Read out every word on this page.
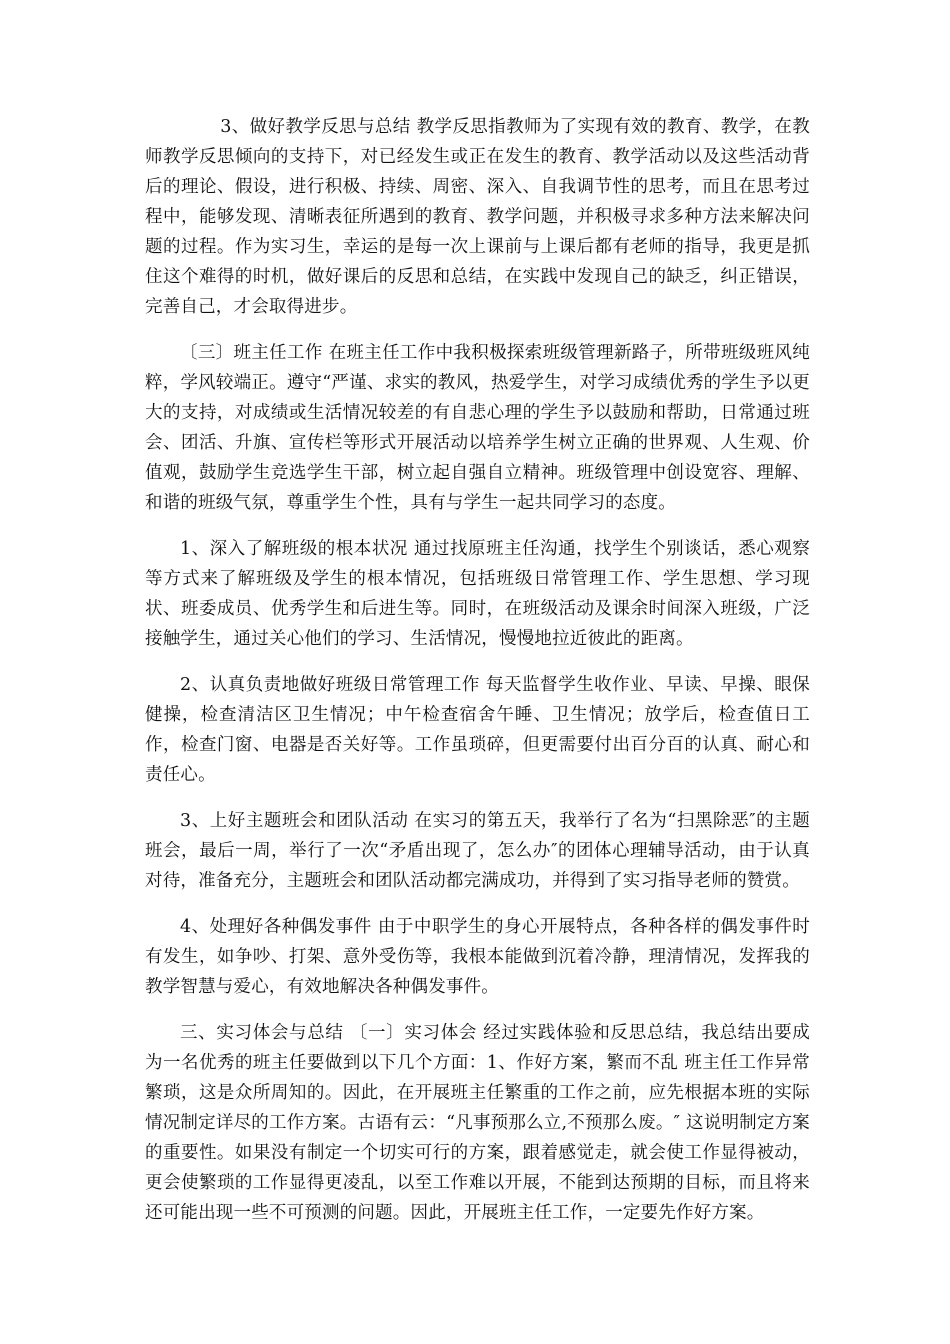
3、做好教学反思与总结 教学反思指教师为了实现有效的教育、教学，在教师教学反思倾向的支持下，对已经发生或正在发生的教育、教学活动以及这些活动背后的理论、假设，进行积极、持续、周密、深入、自我调节性的思考，而且在思考过程中，能够发现、清晰表征所遇到的教育、教学问题，并积极寻求多种方法来解决问题的过程。作为实习生，幸运的是每一次上课前与上课后都有老师的指导，我更是抓住这个难得的时机，做好课后的反思和总结，在实践中发现自己的缺乏，纠正错误，完善自己，才会取得进步。

〔三〕班主任工作 在班主任工作中我积极探索班级管理新路子，所带班级班风纯粹，学风较端正。遵守“严谨、求实的教风，热爱学生，对学习成绩优秀的学生予以更大的支持，对成绩或生活情况较差的有自悲心理的学生予以鼓励和帮助，日常通过班会、团活、升旗、宣传栏等形式开展活动以培养学生树立正确的世界观、人生观、价值观，鼓励学生竞选学生干部，树立起自强自立精神。班级管理中创设宽容、理解、和谐的班级气氛，尊重学生个性，具有与学生一起共同学习的态度。

1、深入了解班级的根本状况 通过找原班主任沟通，找学生个别谈话，悉心观察等方式来了解班级及学生的根本情况，包括班级日常管理工作、学生思想、学习现状、班委成员、优秀学生和后进生等。同时，在班级活动及课余时间深入班级，广泛接触学生，通过关心他们的学习、生活情况，慢慢地拉近彼此的距离。

2、认真负责地做好班级日常管理工作 每天监督学生收作业、早读、早操、眼保健操，检查清洁区卫生情况；中午检查宿舍午睡、卫生情况；放学后，检查值日工作，检查门窗、电器是否关好等。工作虽琐碎，但更需要付出百分百的认真、耐心和责任心。

3、上好主题班会和团队活动 在实习的第五天，我举行了名为“扫黑除恶″的主题班会，最后一周，举行了一次“矛盾出现了，怎么办″的团体心理辅导活动，由于认真对待，准备充分，主题班会和团队活动都完满成功，并得到了实习指导老师的赞赏。

4、处理好各种偶发事件 由于中职学生的身心开展特点，各种各样的偶发事件时有发生，如争吵、打架、意外受伤等，我根本能做到沉着冷静，理清情况，发挥我的教学智慧与爱心，有效地解决各种偶发事件。

三、实习体会与总结 〔一〕实习体会 经过实践体验和反思总结，我总结出要成为一名优秀的班主任要做到以下几个方面：1、作好方案，繁而不乱 班主任工作异常繁琐，这是众所周知的。因此，在开展班主任繁重的工作之前，应先根据本班的实际情况制定详尽的工作方案。古语有云：“凡事预那么立,不预那么废。″ 这说明制定方案的重要性。如果没有制定一个切实可行的方案，跟着感觉走，就会使工作显得被动，更会使繁琐的工作显得更凌乱，以至工作难以开展，不能到达预期的目标，而且将来还可能出现一些不可预测的问题。因此，开展班主任工作，一定要先作好方案。
